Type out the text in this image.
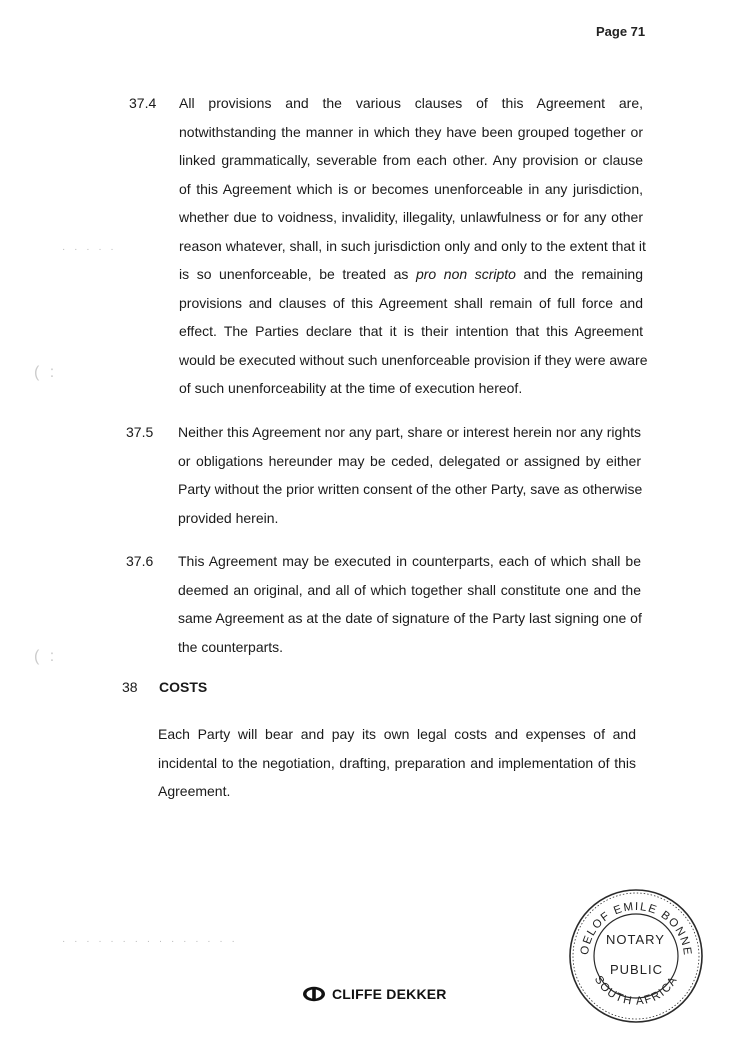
Page 71
37.4 All provisions and the various clauses of this Agreement are,
notwithstanding the manner in which they have been grouped together or
linked grammatically, severable from each other. Any provision or clause
of this Agreement which is or becomes unenforceable in any jurisdiction,
whether due to voidness, invalidity, illegality, unlawfulness or for any other
reason whatever, shall, in such jurisdiction only and only to the extent that it
is so unenforceable, be treated as pro non scripto and the remaining
provisions and clauses of this Agreement shall remain of full force and
effect. The Parties declare that it is their intention that this Agreement
would be executed without such unenforceable provision if they were aware
of such unenforceability at the time of execution hereof.
37.5 Neither this Agreement nor any part, share or interest herein nor any rights
or obligations hereunder may be ceded, delegated or assigned by either
Party without the prior written consent of the other Party, save as otherwise
provided herein.
37.6 This Agreement may be executed in counterparts, each of which shall be
deemed an original, and all of which together shall constitute one and the
same Agreement as at the date of signature of the Party last signing one of
the counterparts.
38 COSTS
Each Party will bear and pay its own legal costs and expenses of and
incidental to the negotiation, drafting, preparation and implementation of this
Agreement.
· · · · ·
· · · · · · · · · · · · · · ·
( :
( :
CLIFFE DEKKER
OELOF EMILE BONNE
SOUTH AFRICA
NOTARY
PUBLIC
